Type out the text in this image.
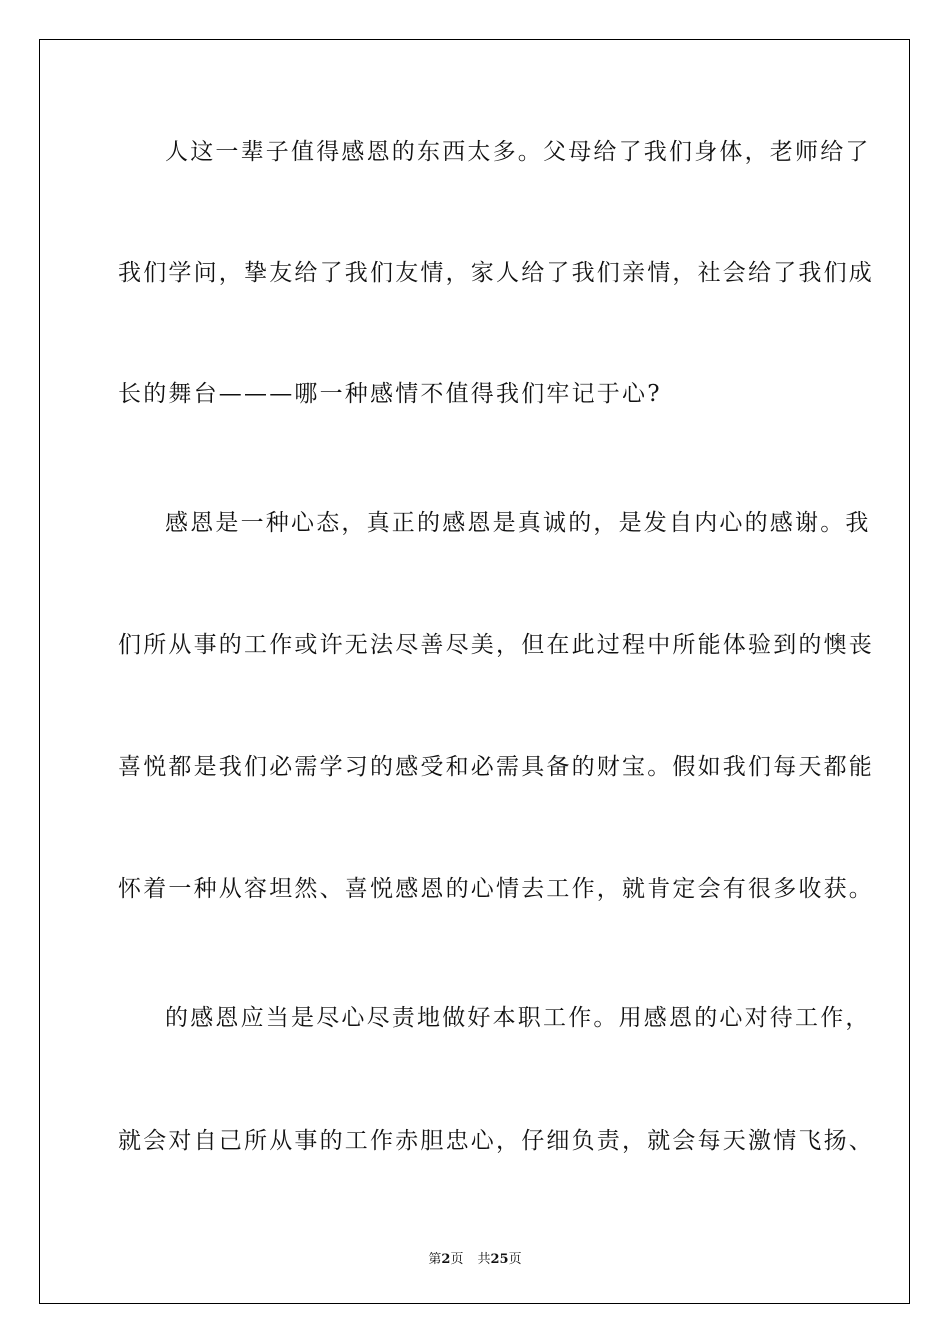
人这一辈子值得感恩的东西太多。父母给了我们身体，老师给了
我们学问，挚友给了我们友情，家人给了我们亲情，社会给了我们成
长的舞台———哪一种感情不值得我们牢记于心?
感恩是一种心态，真正的感恩是真诚的，是发自内心的感谢。我
们所从事的工作或许无法尽善尽美，但在此过程中所能体验到的懊丧
喜悦都是我们必需学习的感受和必需具备的财宝。假如我们每天都能
怀着一种从容坦然、喜悦感恩的心情去工作，就肯定会有很多收获。
的感恩应当是尽心尽责地做好本职工作。用感恩的心对待工作，
就会对自己所从事的工作赤胆忠心，仔细负责，就会每天激情飞扬、
第2页 共25页
